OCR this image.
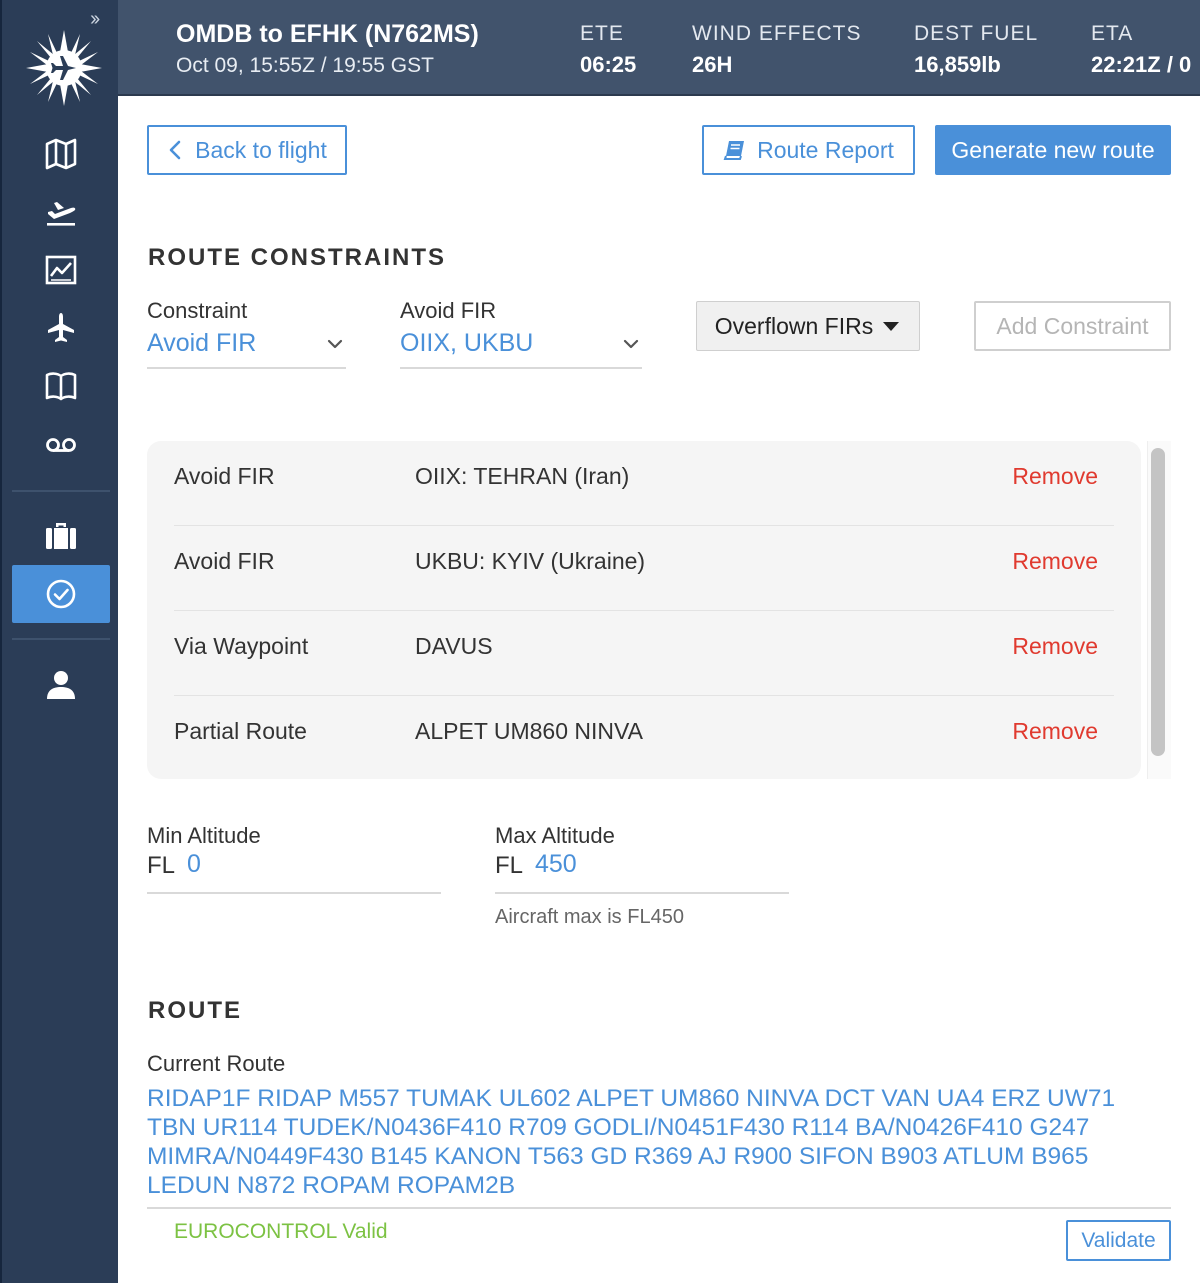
››
OMDB to EFHK (N762MS)
Oct 09, 15:55Z / 19:55 GST
ETE
06:25
WIND EFFECTS
26H
DEST FUEL
16,859lb
ETA
22:21Z / 0
Back to flight	Route Report Generate new route
ROUTE CONSTRAINTS
Constraint
Avoid FIR
Avoid FIR
OIIX, UKBU
Overflown FIRs	Add Constraint
Avoid FIR	OIIX: TEHRAN (Iran)	Remove
Avoid FIR	UKBU: KYIV (Ukraine)	Remove
Via Waypoint	DAVUS	Remove
Partial Route	ALPET UM860 NINVA	Remove
Min Altitude
FL 0
Max Altitude
FL 450
Aircraft max is FL450
ROUTE
Current Route
RIDAP1F RIDAP M557 TUMAK UL602 ALPET UM860 NINVA DCT VAN UA4 ERZ UW71 TBN UR114 TUDEK/N0436F410 R709 GODLI/N0451F430 R114 BA/N0426F410 G247 MIMRA/N0449F430 B145 KANON T563 GD R369 AJ R900 SIFON B903 ATLUM B965 LEDUN N872 ROPAM ROPAM2B
EUROCONTROL Valid	Validate
